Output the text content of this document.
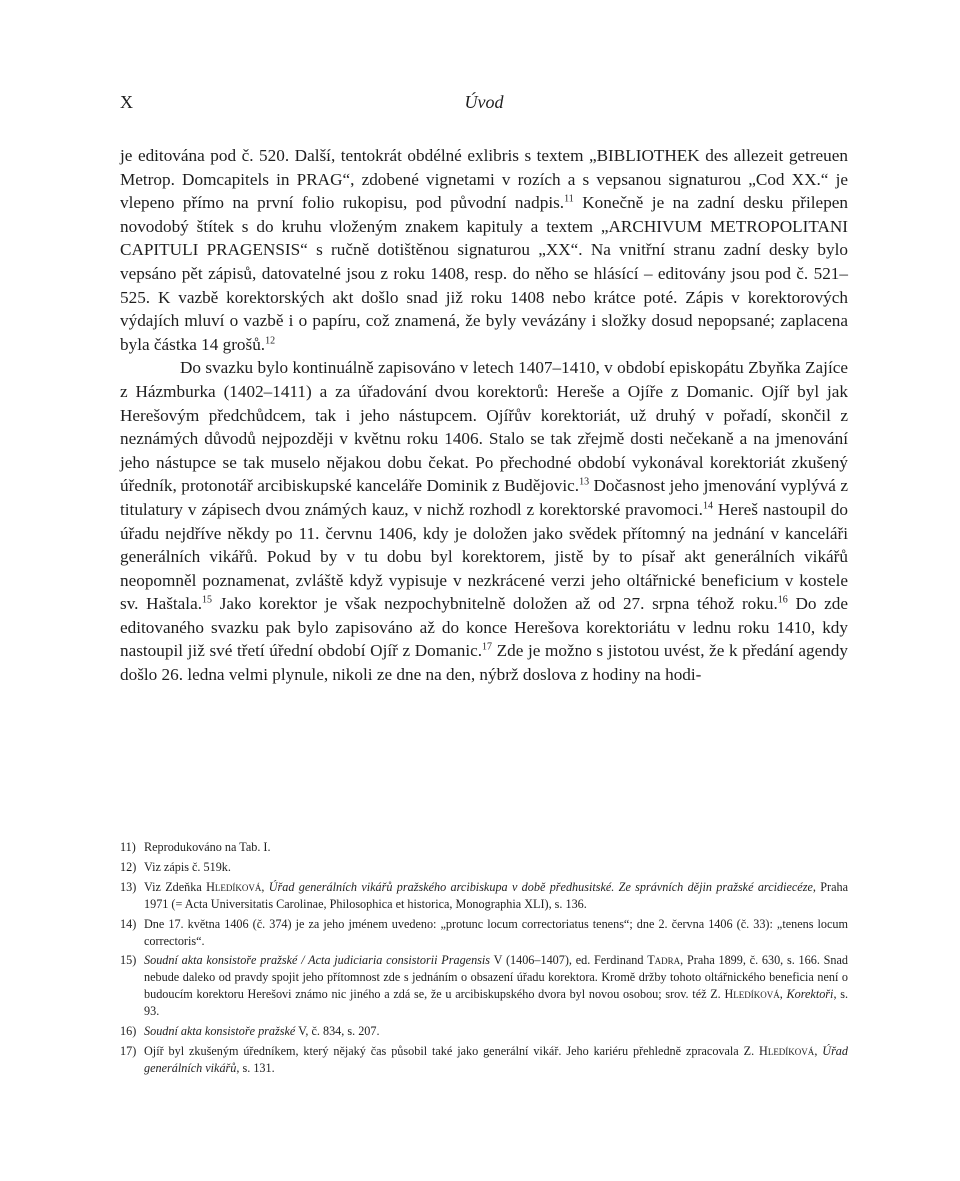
X	Úvod

je editována pod č. 520. Další, tentokrát obdélné exlibris s textem „BIBLIOTHEK des allezeit getreuen Metrop. Domcapitels in PRAG“, zdobené vignetami v rozích a s vepsanou signaturou „Cod XX.“ je vlepeno přímo na první folio rukopisu, pod původní nadpis.$^{11}$ Konečně je na zadní desku přilepen novodobý štítek s do kruhu vloženým znakem kapituly a textem „ARCHIVUM METROPOLITANI CAPITULI PRAGENSIS“ s ručně dotištěnou signaturou „XX“. Na vnitřní stranu zadní desky bylo vepsáno pět zápisů, datovatelné jsou z roku 1408, resp. do něho se hlásící – editovány jsou pod č. 521–525. K vazbě korektorských akt došlo snad již roku 1408 nebo krátce poté. Zápis v korektorových výdajích mluví o vazbě i o papíru, což znamená, že byly vevázány i složky dosud nepopsané; zaplacena byla částka 14 grošů.$^{12}$

Do svazku bylo kontinuálně zapisováno v letech 1407–1410, v období episkopátu Zbyňka Zajíce z Házmburka (1402–1411) a za úřadování dvou korektorů: Hereše a Ojíře z Domanic. Ojíř byl jak Herešovým předchůdcem, tak i jeho nástupcem. Ojířův korektoriát, už druhý v pořadí, skončil z neznámých důvodů nejpozději v květnu roku 1406. Stalo se tak zřejmě dosti nečekaně a na jmenování jeho nástupce se tak muselo nějakou dobu čekat. Po přechodné období vykonával korektoriát zkušený úředník, protonotář arcibiskupské kanceláře Dominik z Budějovic.$^{13}$ Dočasnost jeho jmenování vyplývá z titulatury v zápisech dvou známých kauz, v nichž rozhodl z korektorské pravomoci.$^{14}$ Hereš nastoupil do úřadu nejdříve někdy po 11. červnu 1406, kdy je doložen jako svědek přítomný na jednání v kanceláři generálních vikářů. Pokud by v tu dobu byl korektorem, jistě by to písař akt generálních vikářů neopomněl poznamenat, zvláště když vypisuje v nezkrácené verzi jeho oltářnické beneficium v kostele sv. Haštala.$^{15}$ Jako korektor je však nezpochybnitelně doložen až od 27. srpna téhož roku.$^{16}$ Do zde editovaného svazku pak bylo zapisováno až do konce Herešova korektoriátu v lednu roku 1410, kdy nastoupil již své třetí úřední období Ojíř z Domanic.$^{17}$ Zde je možno s jistotou uvést, že k předání agendy došlo 26. ledna velmi plynule, nikoli ze dne na den, nýbrž doslova z hodiny na hodi-

11) Reprodukováno na Tab. I.
12) Viz zápis č. 519k.
13) Viz Zdeňka Hledíková, Úřad generálních vikářů pražského arcibiskupa v době předhusitské. Ze správních dějin pražské arcidiecéze, Praha 1971 (= Acta Universitatis Carolinae, Philosophica et historica, Monographia XLI), s. 136.
14) Dne 17. května 1406 (č. 374) je za jeho jménem uvedeno: „protunc locum correctoriatus tenens“; dne 2. června 1406 (č. 33): „tenens locum correctoris“.
15) Soudní akta konsistoře pražské / Acta judiciaria consistorii Pragensis V (1406–1407), ed. Ferdinand Tadra, Praha 1899, č. 630, s. 166. Snad nebude daleko od pravdy spojit jeho přítomnost zde s jednáním o obsazení úřadu korektora. Kromě držby tohoto oltářnického beneficia není o budoucím korektoru Herešovi známo nic jiného a zdá se, že u arcibiskupského dvora byl novou osobou; srov. též Z. Hledíková, Korektoři, s. 93.
16) Soudní akta konsistoře pražské V, č. 834, s. 207.
17) Ojíř byl zkušeným úředníkem, který nějaký čas působil také jako generální vikář. Jeho kariéru přehledně zpracovala Z. Hledíková, Úřad generálních vikářů, s. 131.
